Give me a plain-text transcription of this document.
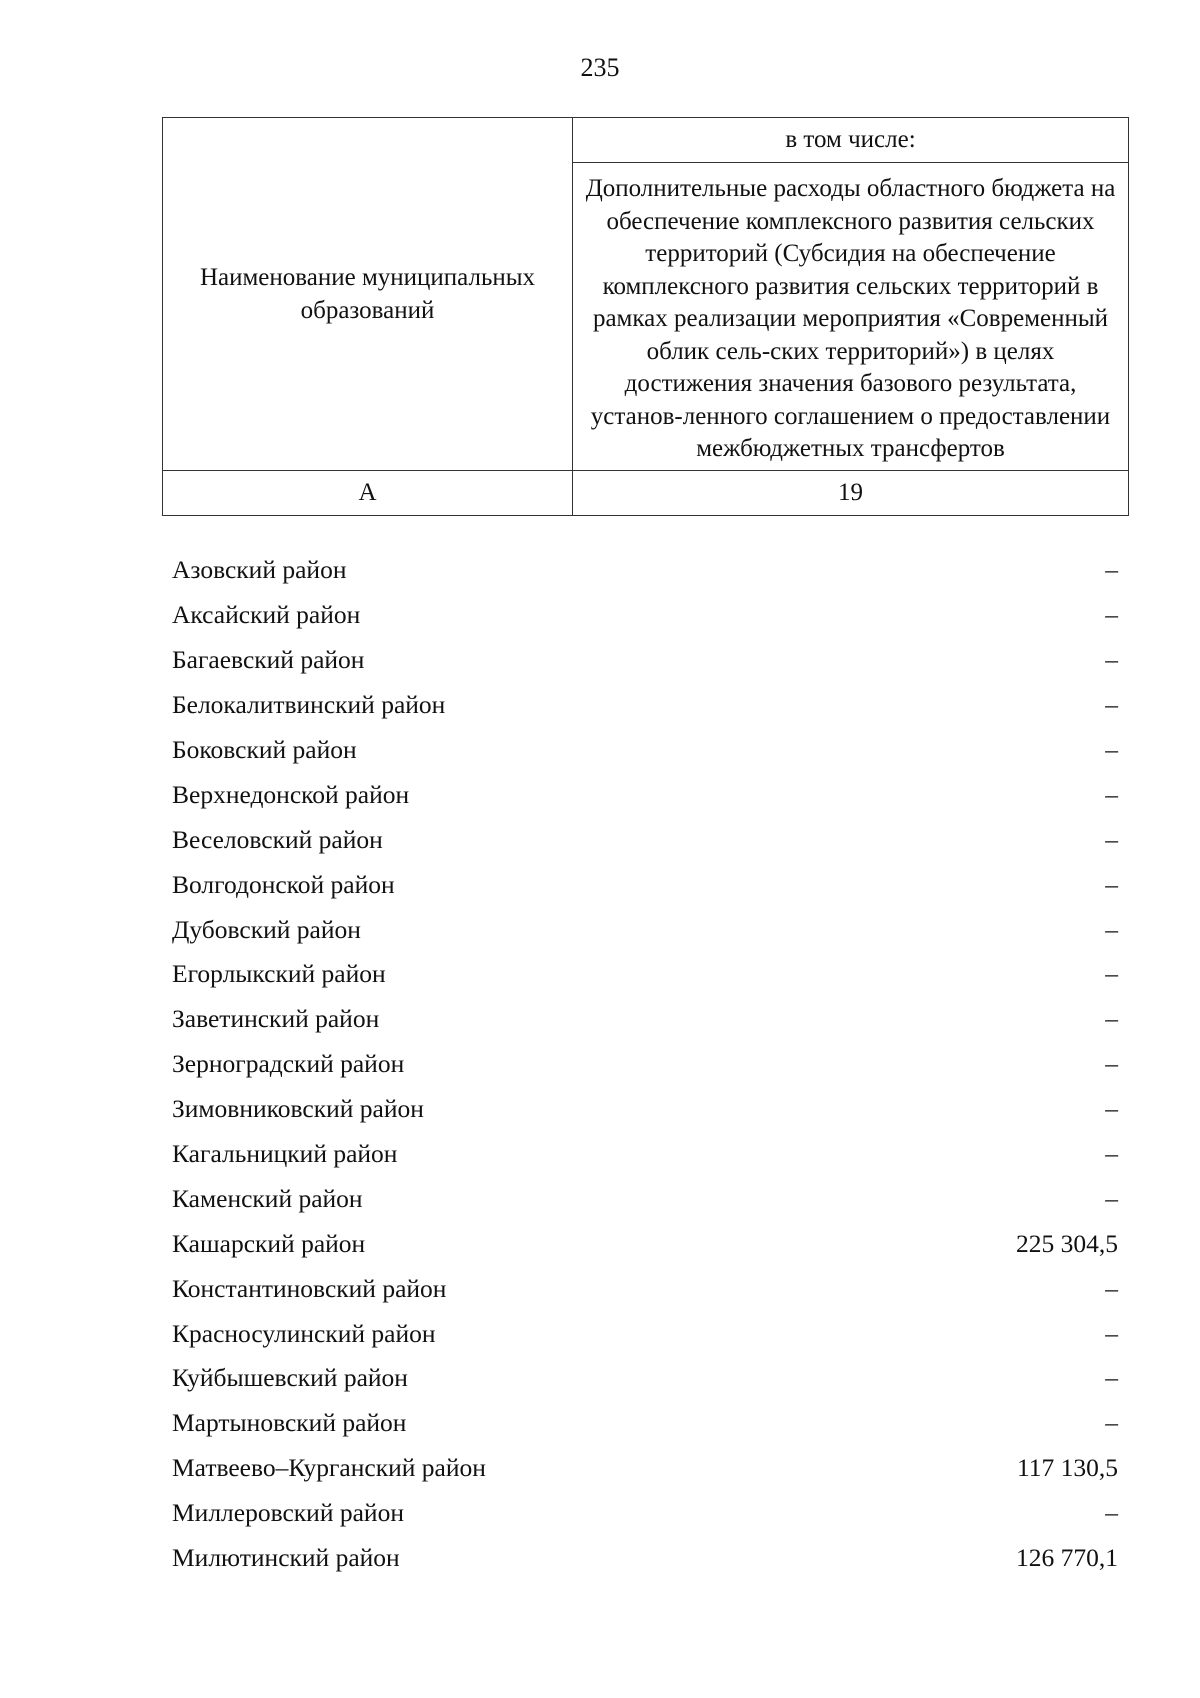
235
Наименование муниципальных образований	в том числе:
	Дополнительные расходы областного бюджета на обеспечение комплексного развития сельских территорий (Субсидия на обеспечение комплексного развития сельских территорий в рамках реализации мероприятия «Современный облик сель-ских территорий») в целях достижения значения базового результата, установ-ленного соглашением о предоставлении межбюджетных трансфертов
А	19
Азовский район	–
Аксайский район	–
Багаевский район	–
Белокалитвинский район	–
Боковский район	–
Верхнедонской район	–
Веселовский район	–
Волгодонской район	–
Дубовский район	–
Егорлыкский район	–
Заветинский район	–
Зерноградский район	–
Зимовниковский район	–
Кагальницкий район	–
Каменский район	–
Кашарский район	225 304,5
Константиновский район	–
Красносулинский район	–
Куйбышевский район	–
Мартыновский район	–
Матвеево–Курганский район	117 130,5
Миллеровский район	–
Милютинский район	126 770,1
